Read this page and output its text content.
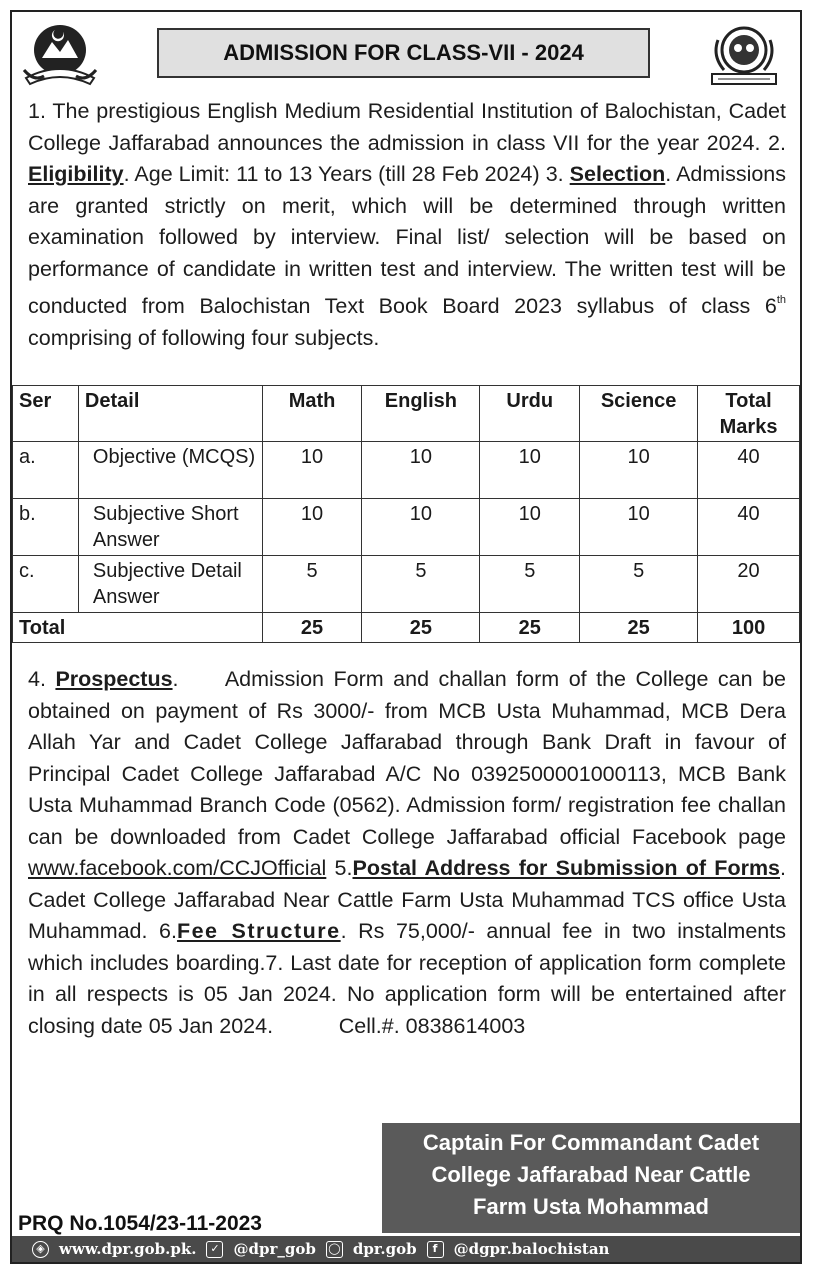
ADMISSION FOR CLASS-VII - 2024
1. The prestigious English Medium Residential Institution of Balochistan, Cadet College Jaffarabad announces the admission in class VII for the year 2024. 2. Eligibility. Age Limit: 11 to 13 Years (till 28 Feb 2024) 3. Selection. Admissions are granted strictly on merit, which will be determined through written examination followed by interview. Final list/ selection will be based on performance of candidate in written test and interview. The written test will be conducted from Balochistan Text Book Board 2023 syllabus of class 6th comprising of following four subjects.
Ser	Detail	Math	English	Urdu	Science	Total Marks
a.	Objective (MCQS)	10	10	10	10	40
b.	Subjective Short Answer	10	10	10	10	40
c.	Subjective Detail Answer	5	5	5	5	20
Total		25	25	25	25	100
4. Prospectus.     Admission Form and challan form of the College can be obtained on payment of Rs 3000/- from MCB Usta Muhammad, MCB Dera Allah Yar and Cadet College Jaffarabad through Bank Draft in favour of Principal Cadet College Jaffarabad A/C No 0392500001000113, MCB Bank Usta Muhammad Branch Code (0562). Admission form/ registration fee challan can be downloaded from Cadet College Jaffarabad official Facebook page www.facebook.com/CCJOfficial 5.Postal Address for Submission of Forms. Cadet College Jaffarabad Near Cattle Farm Usta Muhammad TCS office Usta Muhammad. 6.Fee Structure. Rs 75,000/- annual fee in two instalments which includes boarding.7. Last date for reception of application form complete in all respects is 05 Jan 2024. No application form will be entertained after closing date 05 Jan 2024.           Cell.#. 0838614003
Captain For Commandant Cadet
College Jaffarabad Near Cattle
Farm Usta Mohammad
PRQ No.1054/23-11-2023
◈ www.dpr.gob.pk.	✓ @dpr_gob ◯ dpr.gob	f	@dgpr.balochistan
